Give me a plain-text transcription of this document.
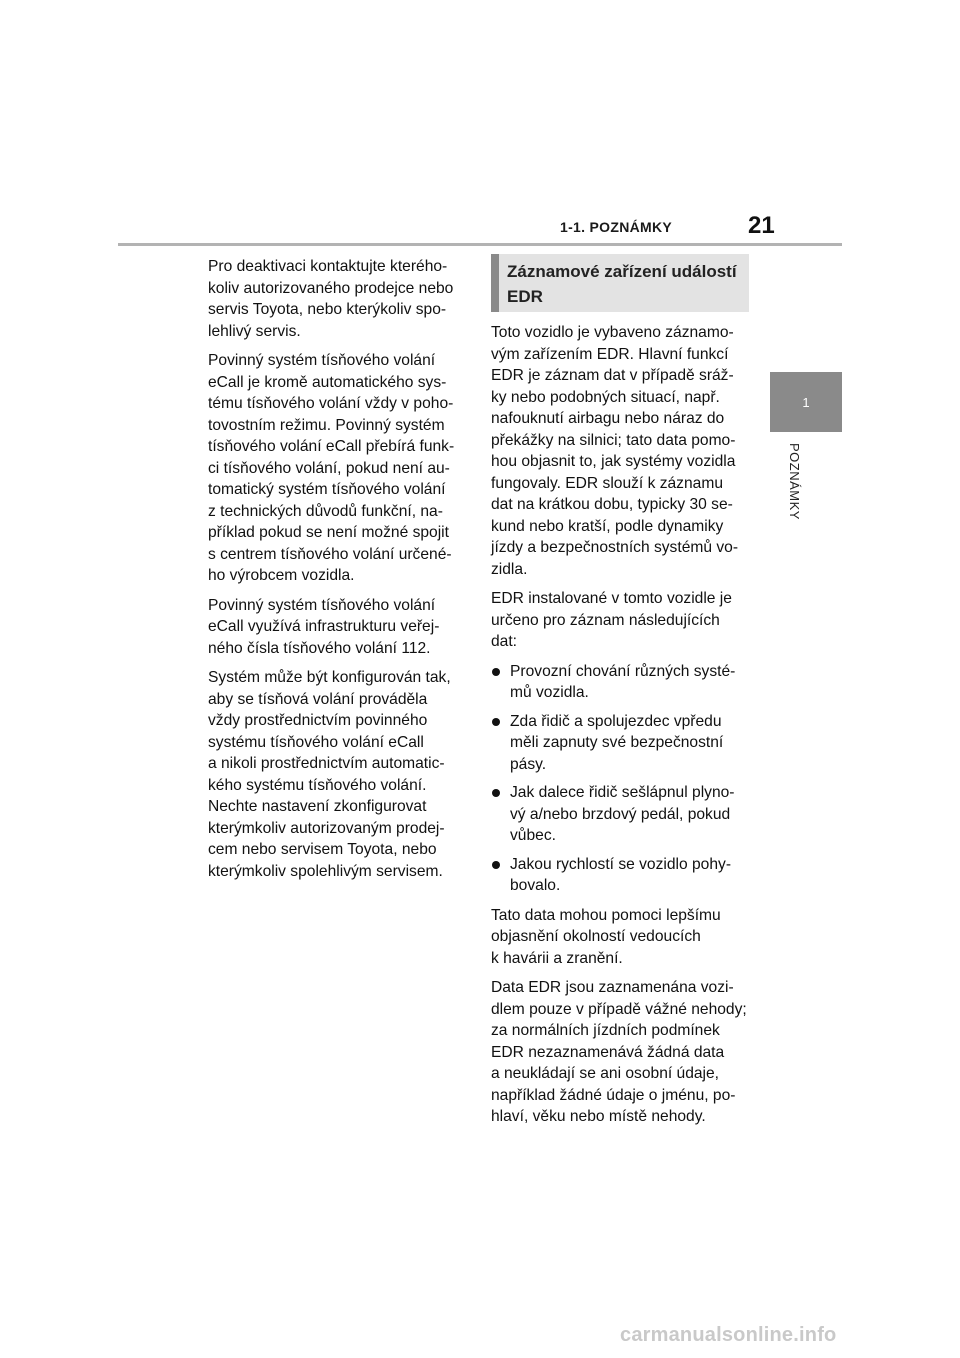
1-1. POZNÁMKY	21
1
POZNÁMKY

Pro deaktivaci kontaktujte kterého-
koliv autorizovaného prodejce nebo
servis Toyota, nebo kterýkoliv spo-
lehlivý servis.

Povinný systém tísňového volání
eCall je kromě automatického sys-
tému tísňového volání vždy v poho-
tovostním režimu. Povinný systém
tísňového volání eCall přebírá funk-
ci tísňového volání, pokud není au-
tomatický systém tísňového volání
z technických důvodů funkční, na-
příklad pokud se není možné spojit
s centrem tísňového volání určené-
ho výrobcem vozidla.

Povinný systém tísňového volání
eCall využívá infrastrukturu veřej-
ného čísla tísňového volání 112.

Systém může být konfigurován tak,
aby se tísňová volání prováděla
vždy prostřednictvím povinného
systému tísňového volání eCall
a nikoli prostřednictvím automatic-
kého systému tísňového volání.
Nechte nastavení zkonfigurovat
kterýmkoliv autorizovaným prodej-
cem nebo servisem Toyota, nebo
kterýmkoliv spolehlivým servisem.

Záznamové zařízení událostí
EDR

Toto vozidlo je vybaveno záznamo-
vým zařízením EDR. Hlavní funkcí
EDR je záznam dat v případě sráž-
ky nebo podobných situací, např.
nafouknutí airbagu nebo náraz do
překážky na silnici; tato data pomo-
hou objasnit to, jak systémy vozidla
fungovaly. EDR slouží k záznamu
dat na krátkou dobu, typicky 30 se-
kund nebo kratší, podle dynamiky
jízdy a bezpečnostních systémů vo-
zidla.

EDR instalované v tomto vozidle je
určeno pro záznam následujících
dat:

Provozní chování různých systé-
mů vozidla.
Zda řidič a spolujezdec vpředu
měli zapnuty své bezpečnostní
pásy.
Jak dalece řidič sešlápnul plyno-
vý a/nebo brzdový pedál, pokud
vůbec.
Jakou rychlostí se vozidlo pohy-
bovalo.

Tato data mohou pomoci lepšímu
objasnění okolností vedoucích
k havárii a zranění.

Data EDR jsou zaznamenána vozi-
dlem pouze v případě vážné nehody;
za normálních jízdních podmínek
EDR nezaznamenává žádná data
a neukládají se ani osobní údaje,
například žádné údaje o jménu, po-
hlaví, věku nebo místě nehody.

carmanualsonline.info
